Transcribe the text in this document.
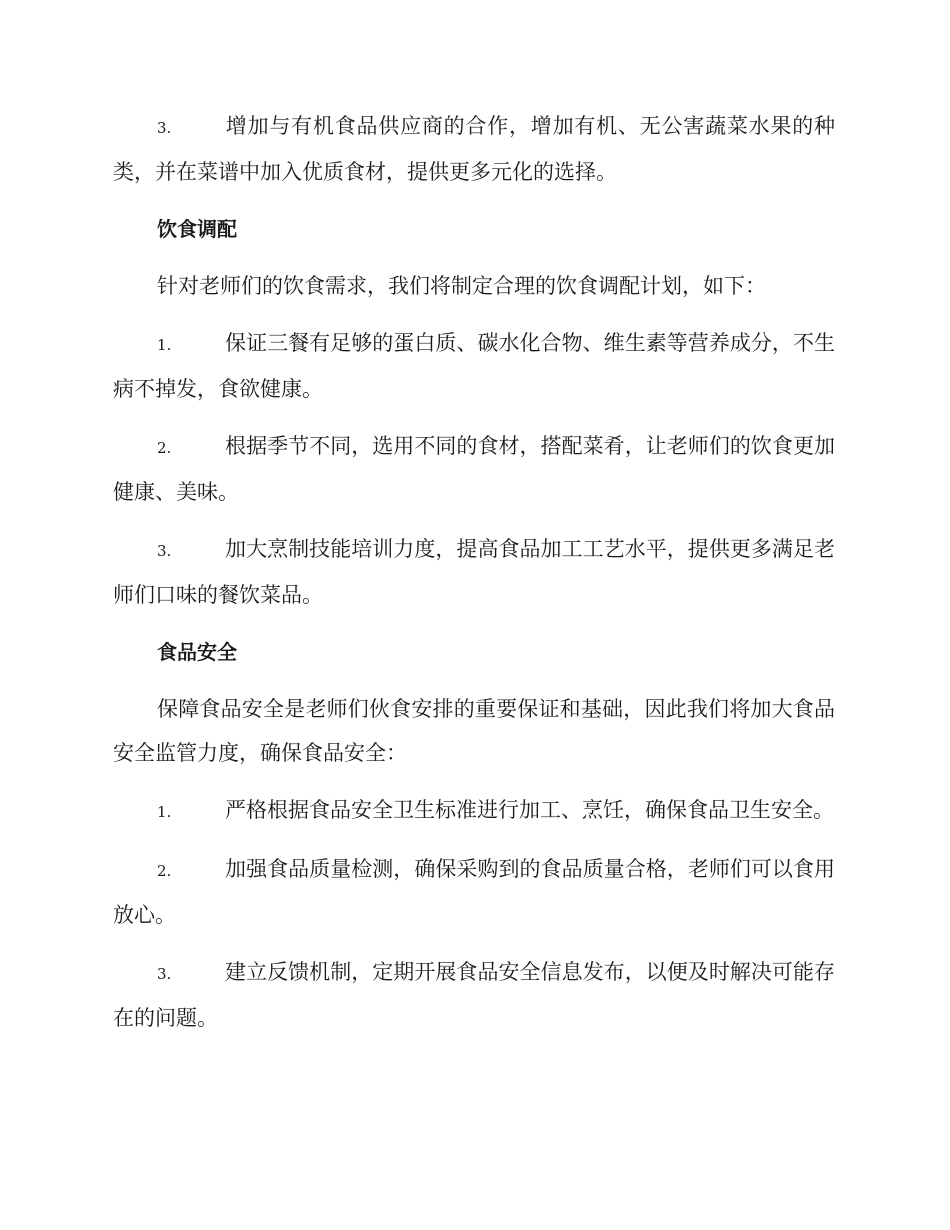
3.	增加与有机食品供应商的合作，增加有机、无公害蔬菜水果的种类，并在菜谱中加入优质食材，提供更多元化的选择。

饮食调配

针对老师们的饮食需求，我们将制定合理的饮食调配计划，如下：

1.	保证三餐有足够的蛋白质、碳水化合物、维生素等营养成分，不生病不掉发，食欲健康。

2.	根据季节不同，选用不同的食材，搭配菜肴，让老师们的饮食更加健康、美味。

3.	加大烹制技能培训力度，提高食品加工工艺水平，提供更多满足老师们口味的餐饮菜品。

食品安全

保障食品安全是老师们伙食安排的重要保证和基础，因此我们将加大食品安全监管力度，确保食品安全：

1.	严格根据食品安全卫生标准进行加工、烹饪，确保食品卫生安全。

2.	加强食品质量检测，确保采购到的食品质量合格，老师们可以食用放心。

3.	建立反馈机制，定期开展食品安全信息发布，以便及时解决可能存在的问题。
